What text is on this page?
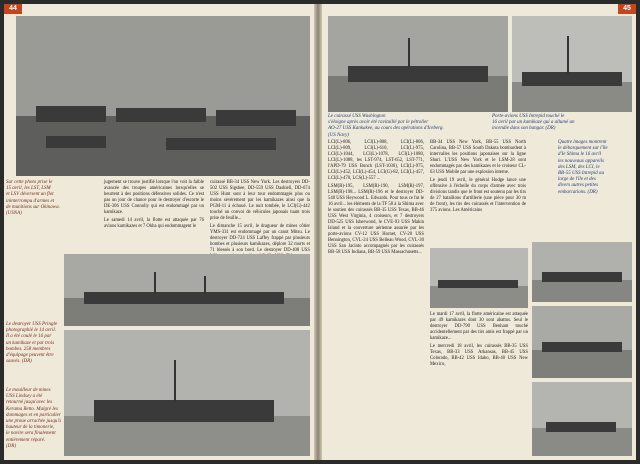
44
Sur cette photo prise le
15 avril, les LST, LSM
et LSV déversent un flot
ininterrompu d'armes et
de munitions sur Okinawa.
(USNA)

jugement se trouve justifié lorsque l'on voit la faible avancée des troupes américaines lorsqu'elles se heurtent à des positions défensives solides. Ce n'est pas un jour de chance pour le destroyer d'escorte le DE-306 USS Connolly qui est endommagé par un kamikaze.

Le samedi 14 avril, la flotte est attaquée par 76 avions kamikazes et 7 Okha qui endommagent le

cuirassé BB-34 USS New York. Les destroyers DD-502 USS Sigsbee, DD-559 USS Dashiell, DD-674 USS Hunt sont à leur tour endommagés plus ou moins sévèrement par les kamikazes ainsi que la PGM-11 à échoué. Le nuit tombée, le LCI(G)-442 touché un convoi de véhicules japonais tuant trois prise de feuille...

Le dimanche 15 avril, le dragueur de mines côtier YMS-331 est endommagé par un canot Mitsu. Le destroyer DD-724 USS Laffey frappé par plusieurs bombes et plusieurs kamikazes, déplore 32 morts et 71 blessés à son bord. Le destroyer DD-408 USS

Le destroyer USS Pringle
photographié le 14 avril.
Il a été coulé le 16 par
un kamikaze et par trois
bombes. 258 membres
d'équipage peuvent être
sauvés. (DR)
Le mouilleur de mines
USS Lindsey a été
retourné jusqu'avec les
Kerama Retto. Malgré les
dommages et en particulier
une proue arrachée jusqu'à
hauteur de la timonerie,
le navire sera finalement
entièrement réparé.
(DR)
45
Le cuirassé USS Washington
s'éloigne après avoir été ravitaillé par le pétrolier
AO-27 USS Kankakee, au cours des opérations d'Iceberg.
(US Navy)
Porte-avions USS Intrepid touché le
16 avril par un kamikaze qui a allumé un
incendie dans son hangar. (DR)

LCI(L)-806, LCI(L)-808, LCI(L)-806, LCI(L)-809, LCI(L)-610, LCI(L)-975, LCI(L)-1044, LCI(L)-1078, LCI(L)-1080, LCI(L)-1088, les LST-974, LST-652, LST-771, l'APD-79 USS Bunch (LST-1036), LCI(L)-975, LCI(L)-452, LCI(L)-454, LCI(G)-82, LCI(L)-457, LCI(L)-470, LCS(L)-557 ...

LSM(R)-195, LSM(R)-190, LSM(R)-197, LSM(R)-198... LSM(R)-196 et le destroyer DD-540 USS Heywood L. Edwards. Pour tous ce fut le 16 avril... les éléments de la TF 58 à la Shima avec le soutien des cuirassés BB-35 USS Texas, BB-46 USS West Virginia, 4 croiseurs, et 7 destroyers DD-525 USS Isherwood, le CVE-93 USS Makin Island et la couverture aérienne assurée par les porte-avions CV-12 USS Hornet, CV-20 USS Bennington, CVL-24 USS Belleau Wood, CVL-30 USS San Jacinto accompagnés par les cuirassés BB-58 USS Indiana, BB-59 USS Massachusetts...

BB-34 USS New York, BB-55 USS North Carolina, BB-57 USS South Dakota bombardent à intervalles les positions japonaises sur la ligne Shuri. L'USS New York et le LSM-28 sont endommagés par des kamikazes et le croiseur CL-63 USS Mobile par une explosion interne.

Le jeudi 19 avril, le général Hodge lance une offensive à l'échelle du corps d'armée avec trois divisions tandis que le front est soutenu par les tirs de 27 bataillons d'artillerie (une pièce pour 30 m de front), les tirs des cuirassés et l'intervention de 375 avions. Les Américains

Le mardi 17 avril, la flotte américaine est attaquée par 49 kamikazes dont 30 sont abattus. Seul le destroyer DD-790 USS Benham touché accidentellement par des tirs amis est frappé par un kamikaze...

Le mercredi 18 avril, les cuirassés BB-35 USS Texas, BB-33 USS Arkansas, BB-45 USS Colorado, BB-42 USS Idaho, BB-40 USS New Mexico,

Quatre images montrent
le débarquement sur l'île
d'Ie Shima le 16 avril
les nouveaux appareils
des LSM, des LCI, le
BB-55 USS Intrepid au
large de l'île et des
divers autres petites
embarcations. (DR)
